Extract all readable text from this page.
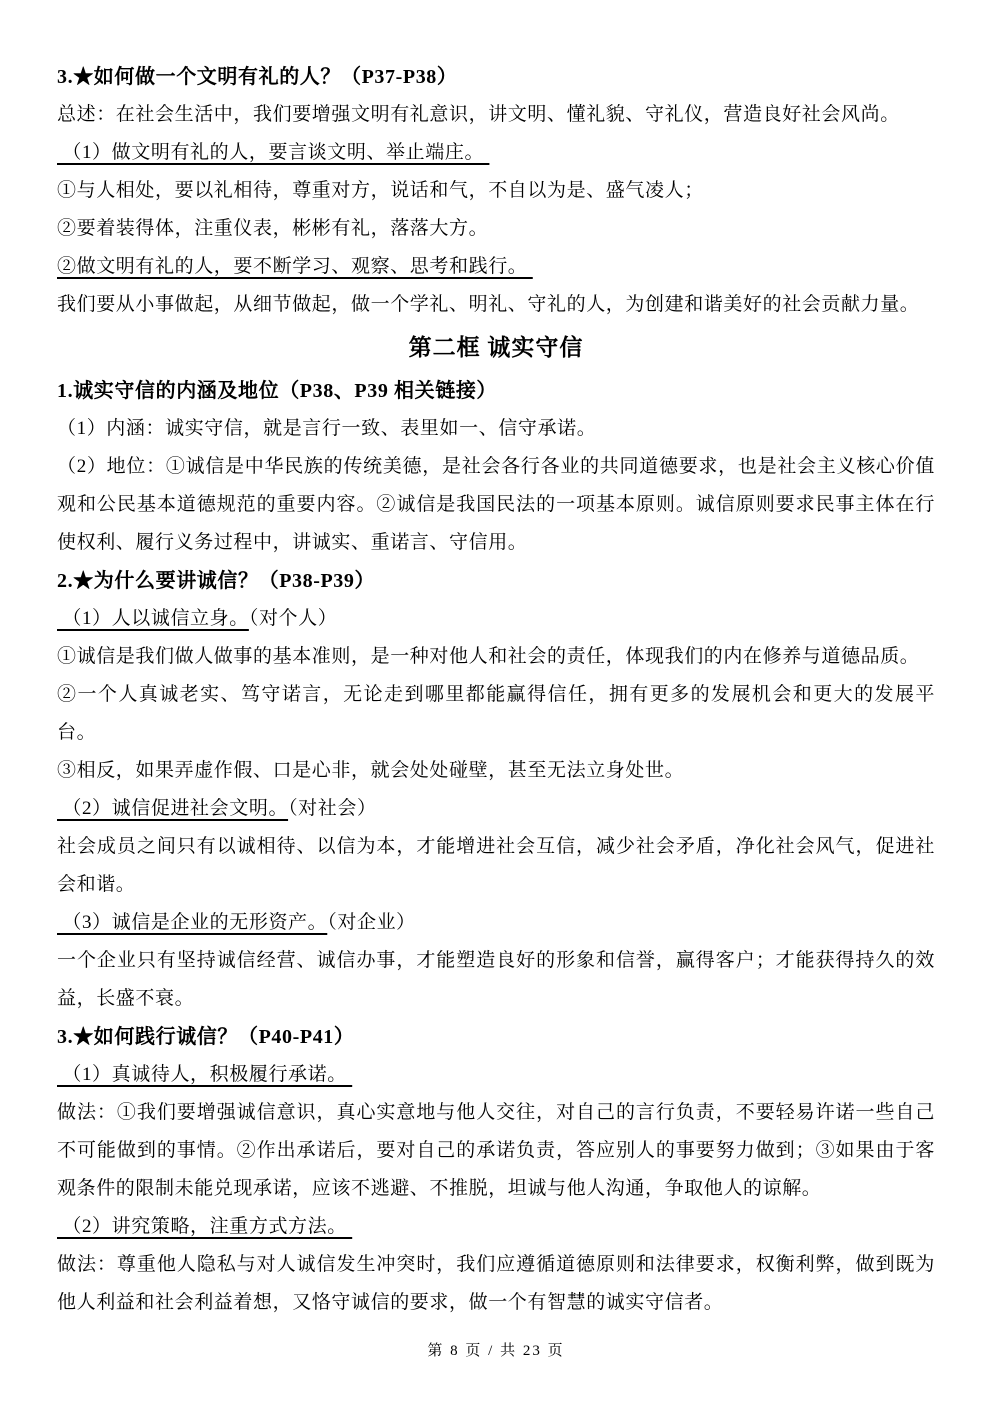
3.★如何做一个文明有礼的人？（P37-P38）

总述：在社会生活中，我们要增强文明有礼意识，讲文明、懂礼貌、守礼仪，营造良好社会风尚。

（1）做文明有礼的人，要言谈文明、举止端庄。

①与人相处，要以礼相待，尊重对方，说话和气，不自以为是、盛气凌人；

②要着装得体，注重仪表，彬彬有礼，落落大方。

②做文明有礼的人，要不断学习、观察、思考和践行。

我们要从小事做起，从细节做起，做一个学礼、明礼、守礼的人，为创建和谐美好的社会贡献力量。

第二框 诚实守信

1.诚实守信的内涵及地位（P38、P39 相关链接）

（1）内涵：诚实守信，就是言行一致、表里如一、信守承诺。

（2）地位：①诚信是中华民族的传统美德，是社会各行各业的共同道德要求，也是社会主义核心价值观和公民基本道德规范的重要内容。②诚信是我国民法的一项基本原则。诚信原则要求民事主体在行使权利、履行义务过程中，讲诚实、重诺言、守信用。

2.★为什么要讲诚信？（P38-P39）

（1）人以诚信立身。（对个人）

①诚信是我们做人做事的基本准则，是一种对他人和社会的责任，体现我们的内在修养与道德品质。

②一个人真诚老实、笃守诺言，无论走到哪里都能赢得信任，拥有更多的发展机会和更大的发展平台。

③相反，如果弄虚作假、口是心非，就会处处碰壁，甚至无法立身处世。

（2）诚信促进社会文明。（对社会）

社会成员之间只有以诚相待、以信为本，才能增进社会互信，减少社会矛盾，净化社会风气，促进社会和谐。

（3）诚信是企业的无形资产。（对企业）

一个企业只有坚持诚信经营、诚信办事，才能塑造良好的形象和信誉，赢得客户；才能获得持久的效益，长盛不衰。

3.★如何践行诚信？（P40-P41）

（1）真诚待人，积极履行承诺。

做法：①我们要增强诚信意识，真心实意地与他人交往，对自己的言行负责，不要轻易许诺一些自己不可能做到的事情。②作出承诺后，要对自己的承诺负责，答应别人的事要努力做到；③如果由于客观条件的限制未能兑现承诺，应该不逃避、不推脱，坦诚与他人沟通，争取他人的谅解。

（2）讲究策略，注重方式方法。

做法：尊重他人隐私与对人诚信发生冲突时，我们应遵循道德原则和法律要求，权衡利弊，做到既为他人利益和社会利益着想，又恪守诚信的要求，做一个有智慧的诚实守信者。

第 8 页 / 共 23 页
